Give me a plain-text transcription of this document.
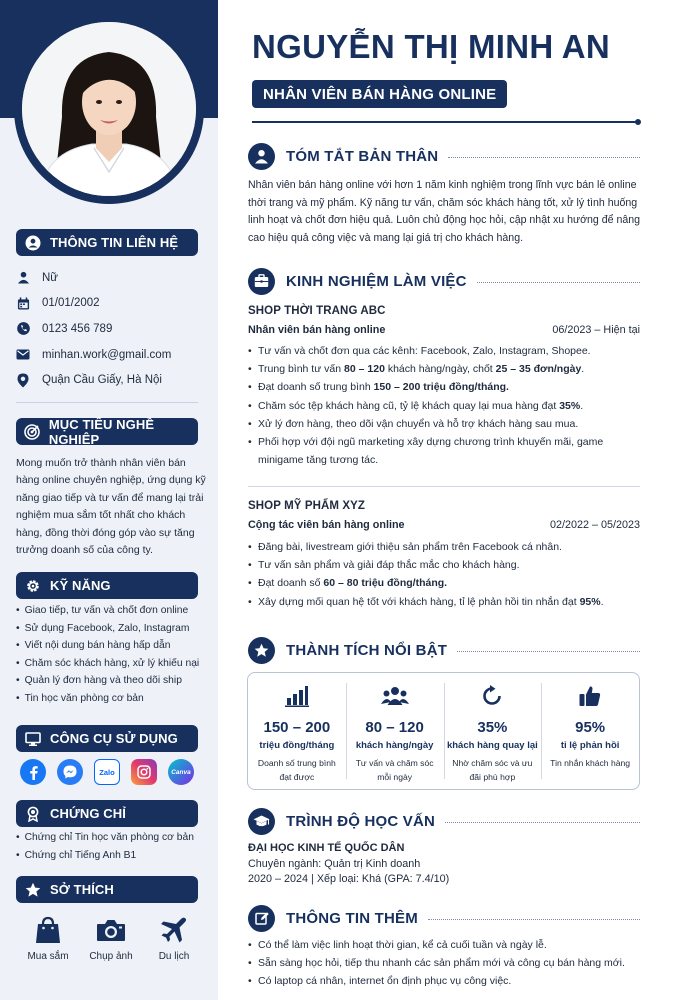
THÔNG TIN LIÊN HỆ
Nữ
01/01/2002
0123 456 789
minhan.work@gmail.com
Quận Cầu Giấy, Hà Nội
MỤC TIÊU NGHỀ NGHIỆP

Mong muốn trở thành nhân viên bán hàng online chuyên nghiệp, ứng dụng kỹ năng giao tiếp và tư vấn để mang lại trải nghiệm mua sắm tốt nhất cho khách hàng, đồng thời đóng góp vào sự tăng trưởng doanh số của công ty.

KỸ NĂNG
• Giao tiếp, tư vấn và chốt đơn online
• Sử dụng Facebook, Zalo, Instagram
• Viết nội dung bán hàng hấp dẫn
• Chăm sóc khách hàng, xử lý khiếu nại
• Quản lý đơn hàng và theo dõi ship
• Tin học văn phòng cơ bản
CÔNG CỤ SỬ DỤNG
Zalo	Canva
CHỨNG CHỈ
• Chứng chỉ Tin học văn phòng cơ bản
• Chứng chỉ Tiếng Anh B1
SỞ THÍCH
Mua sắm	Chụp ảnh	Du lịch
NGUYỄN THỊ MINH AN
NHÂN VIÊN BÁN HÀNG ONLINE
TÓM TẮT BẢN THÂN

Nhân viên bán hàng online với hơn 1 năm kinh nghiệm trong lĩnh vực bán lẻ online thời trang và mỹ phẩm. Kỹ năng tư vấn, chăm sóc khách hàng tốt, xử lý tình huống linh hoạt và chốt đơn hiệu quả. Luôn chủ động học hỏi, cập nhật xu hướng để nâng cao hiệu quả công việc và mang lại giá trị cho khách hàng.

KINH NGHIỆM LÀM VIỆC
SHOP THỜI TRANG ABC
Nhân viên bán hàng online	06/2023 – Hiện tại
• Tư vấn và chốt đơn qua các kênh: Facebook, Zalo, Instagram, Shopee.
• Trung bình tư vấn 80 – 120 khách hàng/ngày, chốt 25 – 35 đơn/ngày.
• Đạt doanh số trung bình 150 – 200 triệu đồng/tháng.
• Chăm sóc tệp khách hàng cũ, tỷ lệ khách quay lại mua hàng đạt 35%.
• Xử lý đơn hàng, theo dõi vận chuyển và hỗ trợ khách hàng sau mua.
• Phối hợp với đội ngũ marketing xây dựng chương trình khuyến mãi, game minigame tăng tương tác.
SHOP MỸ PHẨM XYZ
Cộng tác viên bán hàng online	02/2022 – 05/2023
• Đăng bài, livestream giới thiệu sản phẩm trên Facebook cá nhân.
• Tư vấn sản phẩm và giải đáp thắc mắc cho khách hàng.
• Đạt doanh số 60 – 80 triệu đồng/tháng.
• Xây dựng mối quan hệ tốt với khách hàng, tỉ lệ phản hồi tin nhắn đạt 95%.
THÀNH TÍCH NỔI BẬT
150 – 200
triệu đồng/tháng
Doanh số trung bình đạt được
80 – 120
khách hàng/ngày
Tư vấn và chăm sóc mỗi ngày
35%
khách hàng quay lại
Nhờ chăm sóc và ưu đãi phù hợp
95%
tỉ lệ phản hồi
Tin nhắn khách hàng
TRÌNH ĐỘ HỌC VẤN
ĐẠI HỌC KINH TẾ QUỐC DÂN
Chuyên ngành: Quản trị Kinh doanh
2020 – 2024 | Xếp loại: Khá (GPA: 7.4/10)
THÔNG TIN THÊM
• Có thể làm việc linh hoạt thời gian, kể cả cuối tuần và ngày lễ.
• Sẵn sàng học hỏi, tiếp thu nhanh các sản phẩm mới và công cụ bán hàng mới.
• Có laptop cá nhân, internet ổn định phục vụ công việc.
